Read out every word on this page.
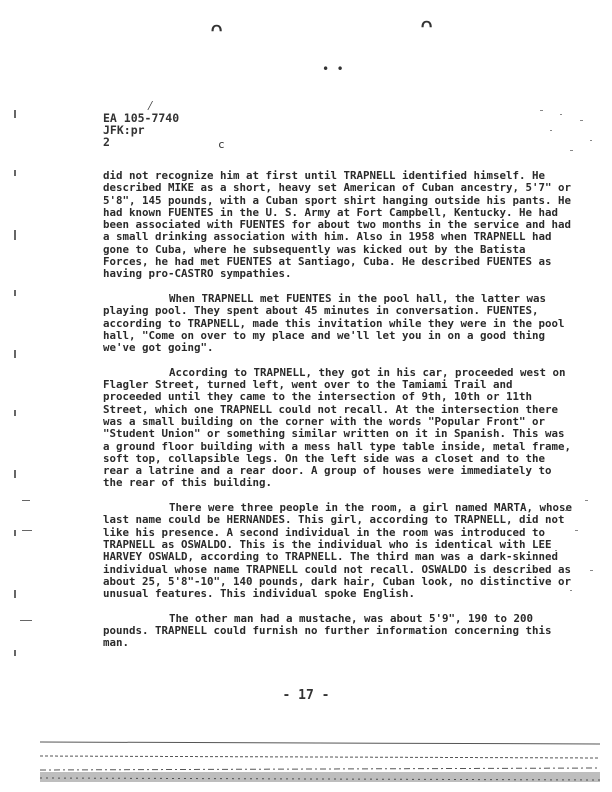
ᴖ	ᴖ
• •
⁄
c
EA 105-7740
JFK:pr
2

did not recognize him at first until TRAPNELL identified himself. He described MIKE as a short, heavy set American of Cuban ancestry, 5'7" or 5'8", 145 pounds, with a Cuban sport shirt hanging outside his pants. He had known FUENTES in the U. S. Army at Fort Campbell, Kentucky. He had been associated with FUENTES for about two months in the service and had a small drinking association with him. Also in 1958 when TRAPNELL had gone to Cuba, where he subsequently was kicked out by the Batista Forces, he had met FUENTES at Santiago, Cuba. He described FUENTES as having pro-CASTRO sympathies.

When TRAPNELL met FUENTES in the pool hall, the latter was playing pool. They spent about 45 minutes in conversation. FUENTES, according to TRAPNELL, made this invitation while they were in the pool hall, "Come on over to my place and we'll let you in on a good thing we've got going".

According to TRAPNELL, they got in his car, proceeded west on Flagler Street, turned left, went over to the Tamiami Trail and proceeded until they came to the intersection of 9th, 10th or 11th Street, which one TRAPNELL could not recall. At the intersection there was a small building on the corner with the words "Popular Front" or "Student Union" or something similar written on it in Spanish. This was a ground floor building with a mess hall type table inside, metal frame, soft top, collapsible legs. On the left side was a closet and to the rear a latrine and a rear door. A group of houses were immediately to the rear of this building.

There were three people in the room, a girl named MARTA, whose last name could be HERNANDES. This girl, according to TRAPNELL, did not like his presence. A second individual in the room was introduced to TRAPNELL as OSWALDO. This is the individual who is identical with LEE HARVEY OSWALD, according to TRAPNELL. The third man was a dark-skinned individual whose name TRAPNELL could not recall. OSWALDO is described as about 25, 5'8"-10", 140 pounds, dark hair, Cuban look, no distinctive or unusual features. This individual spoke English.

The other man had a mustache, was about 5'9", 190 to 200 pounds. TRAPNELL could furnish no further information concerning this man.

- 17 -
